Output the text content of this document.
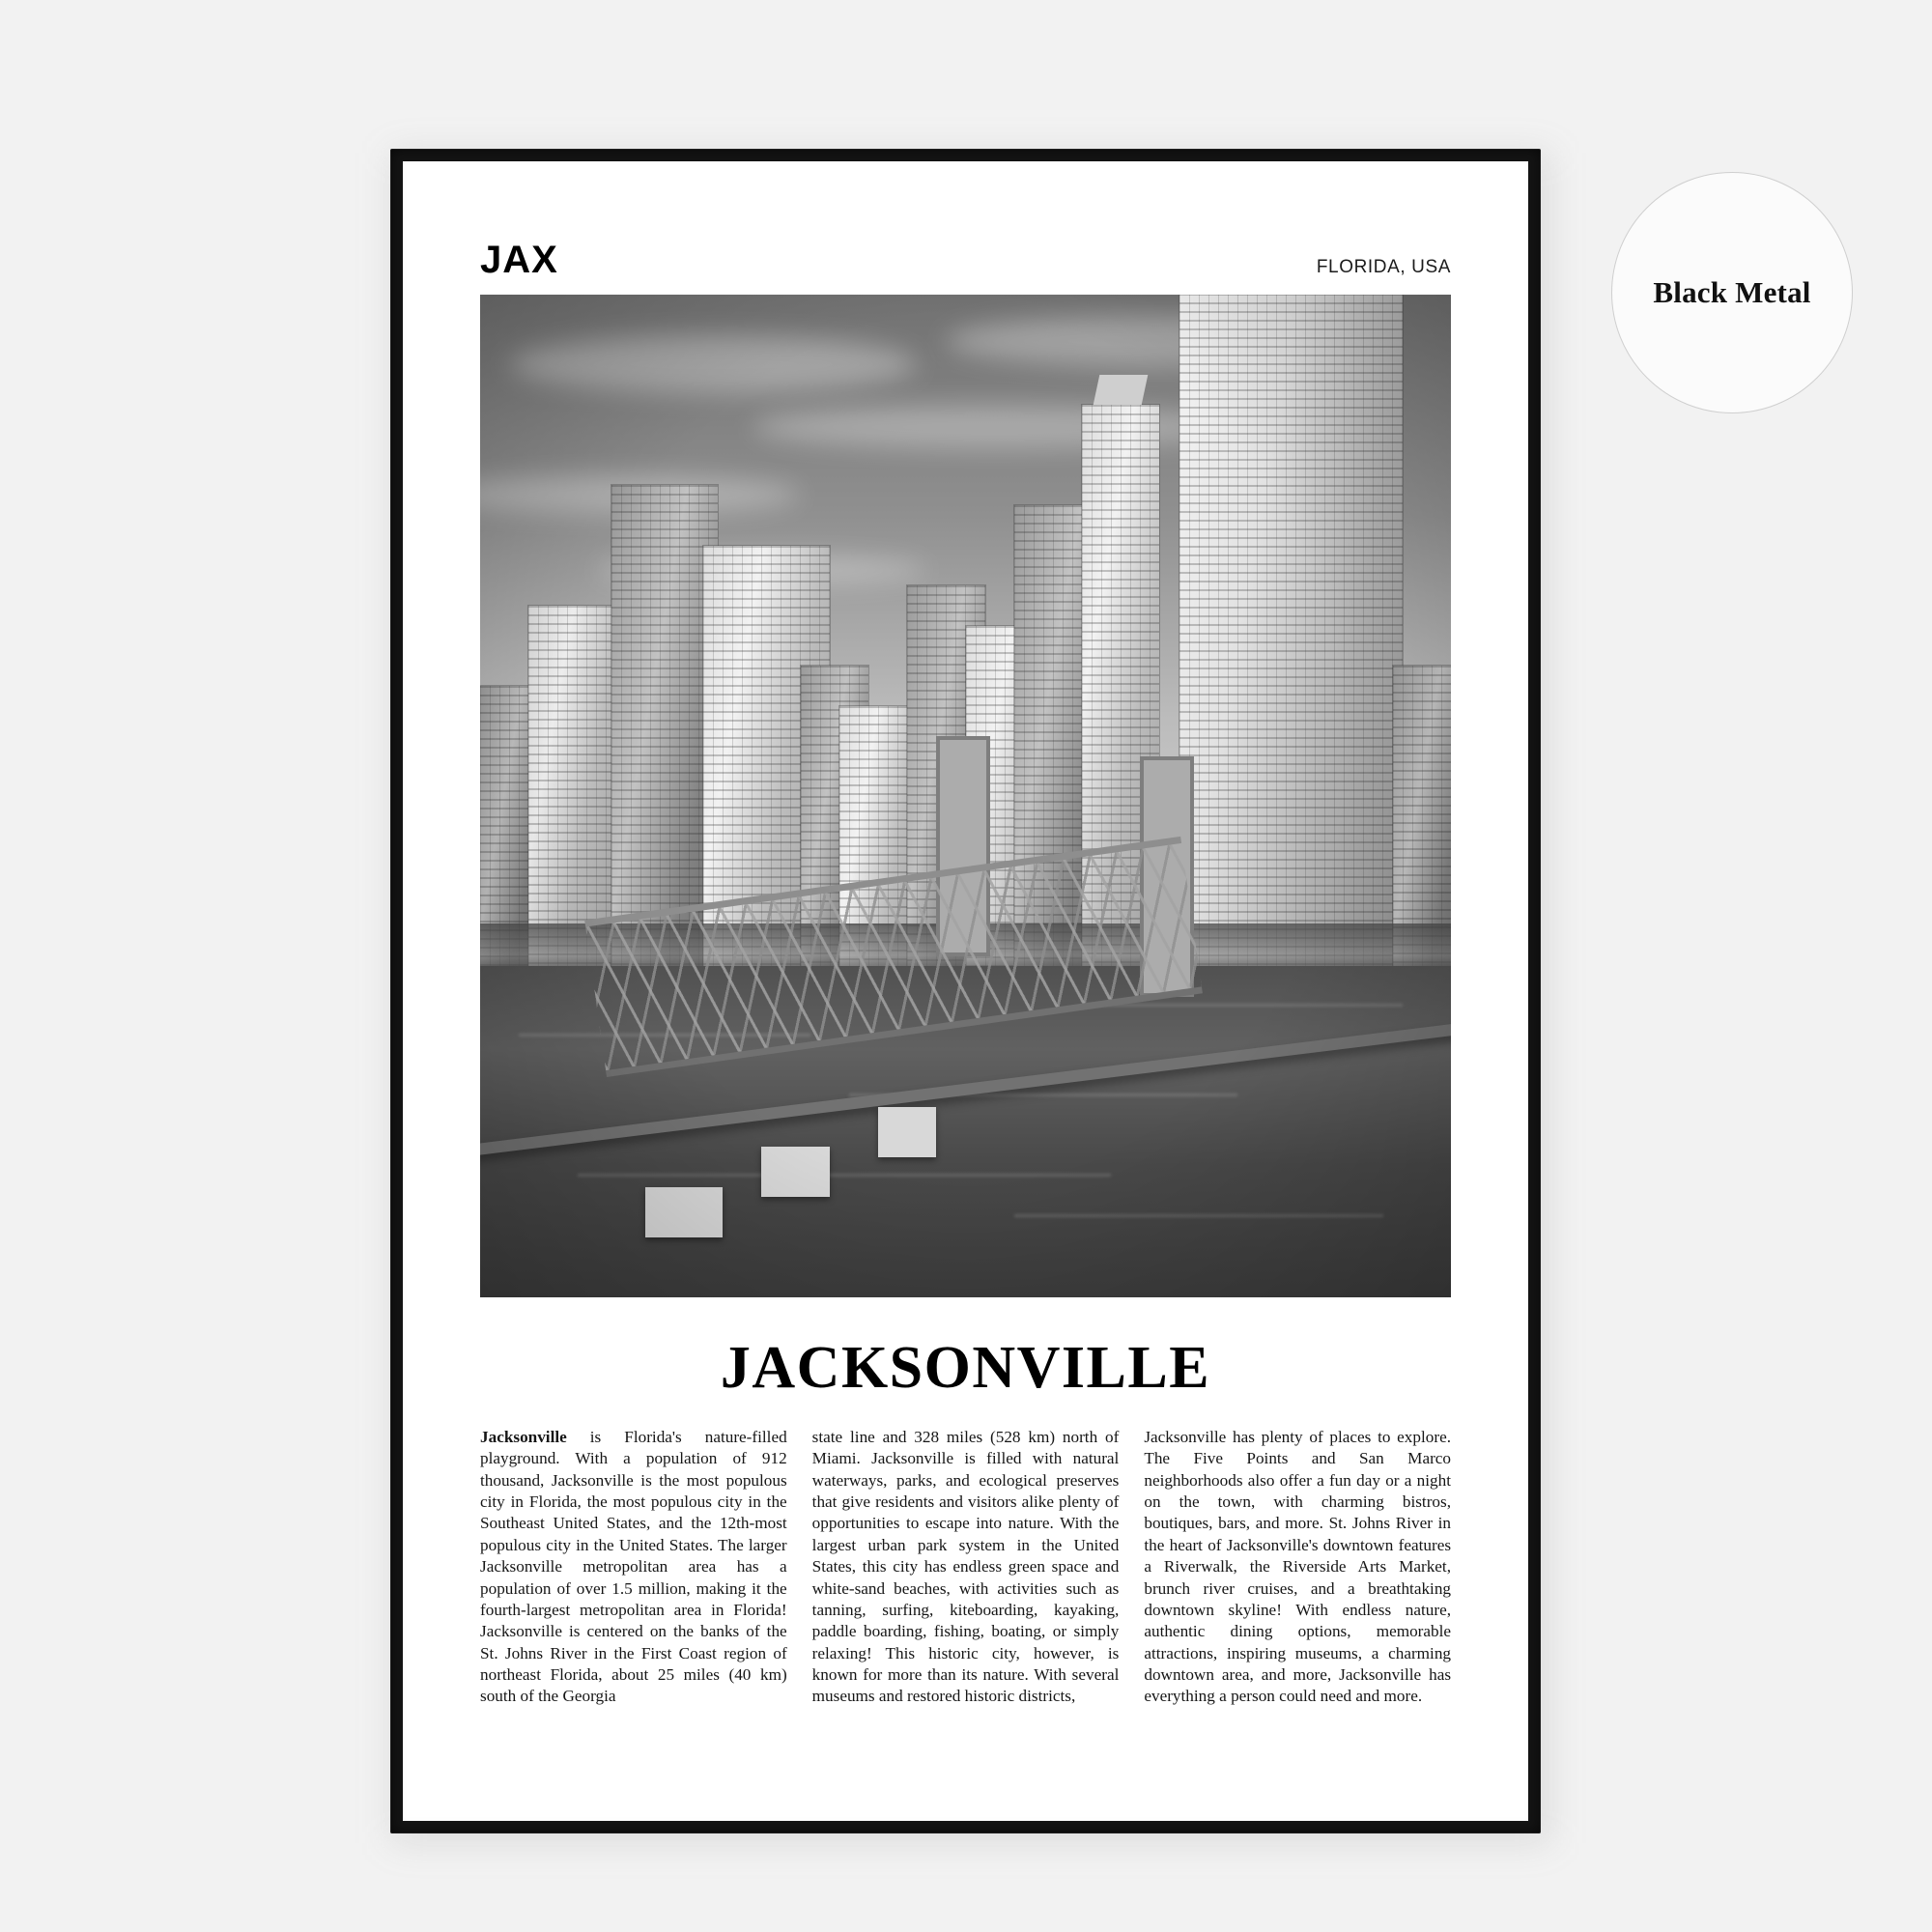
Black Metal
JAX	FLORIDA, USA
JACKSONVILLE
Jacksonville is Florida's nature-filled playground. With a population of 912 thousand, Jacksonville is the most populous city in Florida, the most populous city in the Southeast United States, and the 12th-most populous city in the United States. The larger Jacksonville metropolitan area has a population of over 1.5 million, making it the fourth-largest metropolitan area in Florida! Jacksonville is centered on the banks of the St. Johns River in the First Coast region of northeast Florida, about 25 miles (40 km) south of the Georgia
state line and 328 miles (528 km) north of Miami. Jacksonville is filled with natural waterways, parks, and ecological preserves that give residents and visitors alike plenty of opportunities to escape into nature. With the largest urban park system in the United States, this city has endless green space and white-sand beaches, with activities such as tanning, surfing, kiteboarding, kayaking, paddle boarding, fishing, boating, or simply relaxing! This historic city, however, is known for more than its nature. With several museums and restored historic districts,
Jacksonville has plenty of places to explore. The Five Points and San Marco neighborhoods also offer a fun day or a night on the town, with charming bistros, boutiques, bars, and more. St. Johns River in the heart of Jacksonville's downtown features a Riverwalk, the Riverside Arts Market, brunch river cruises, and a breathtaking downtown skyline! With endless nature, authentic dining options, memorable attractions, inspiring museums, a charming downtown area, and more, Jacksonville has everything a person could need and more.
